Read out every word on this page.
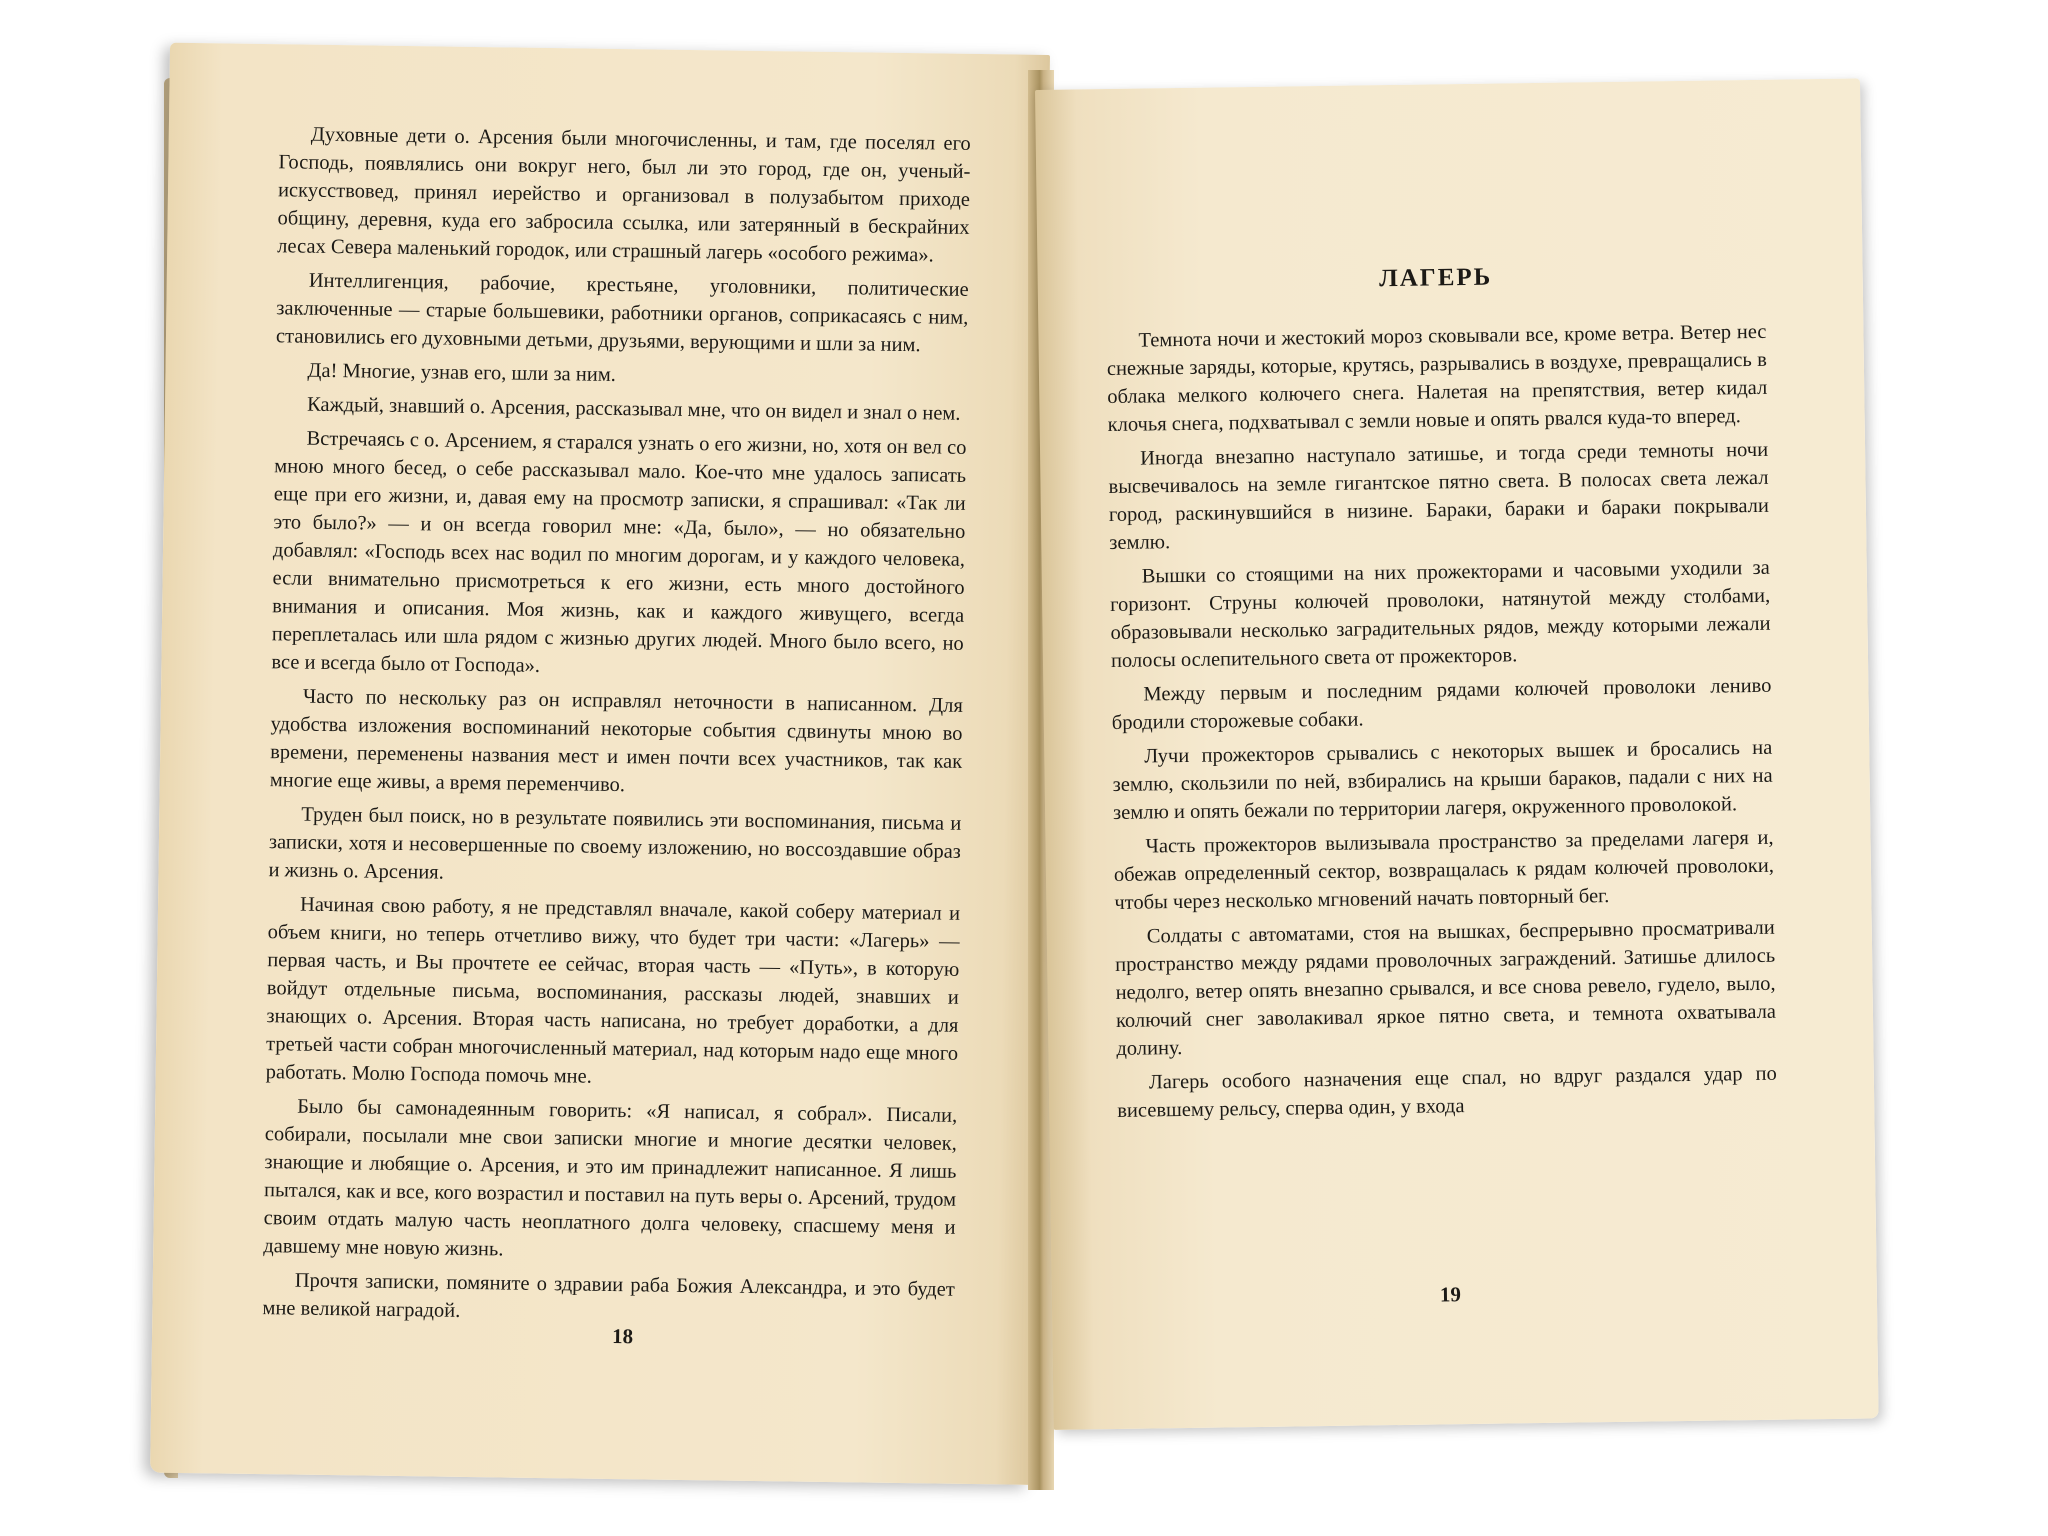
Духовные дети о. Арсения были многочисленны, и там, где поселял его Господь, появлялись они вокруг него, был ли это город, где он, ученый-искусствовед, принял иерейство и организовал в полузабытом приходе общину, деревня, куда его забросила ссылка, или затерянный в бескрайних лесах Севера маленький городок, или страшный лагерь «особого режима».

Интеллигенция, рабочие, крестьяне, уголовники, политические заключенные — старые большевики, работники органов, соприкасаясь с ним, становились его духовными детьми, друзьями, верующими и шли за ним.

Да! Многие, узнав его, шли за ним.

Каждый, знавший о. Арсения, рассказывал мне, что он видел и знал о нем.

Встречаясь с о. Арсением, я старался узнать о его жизни, но, хотя он вел со мною много бесед, о себе рассказывал мало. Кое-что мне удалось записать еще при его жизни, и, давая ему на просмотр записки, я спрашивал: «Так ли это было?» — и он всегда говорил мне: «Да, было», — но обязательно добавлял: «Господь всех нас водил по многим дорогам, и у каждого человека, если внимательно присмотреться к его жизни, есть много достойного внимания и описания. Моя жизнь, как и каждого живущего, всегда переплеталась или шла рядом с жизнью других людей. Много было всего, но все и всегда было от Господа».

Часто по нескольку раз он исправлял неточности в написанном. Для удобства изложения воспоминаний некоторые события сдвинуты мною во времени, переменены названия мест и имен почти всех участников, так как многие еще живы, а время переменчиво.

Труден был поиск, но в результате появились эти воспоминания, письма и записки, хотя и несовершенные по своему изложению, но воссоздавшие образ и жизнь о. Арсения.

Начиная свою работу, я не представлял вначале, какой соберу материал и объем книги, но теперь отчетливо вижу, что будет три части: «Лагерь» — первая часть, и Вы прочтете ее сейчас, вторая часть — «Путь», в которую войдут отдельные письма, воспоминания, рассказы людей, знавших и знающих о. Арсения. Вторая часть написана, но требует доработки, а для третьей части собран многочисленный материал, над которым надо еще много работать. Молю Господа помочь мне.

Было бы самонадеянным говорить: «Я написал, я собрал». Писали, собирали, посылали мне свои записки многие и многие десятки человек, знающие и любящие о. Арсения, и это им принадлежит написанное. Я лишь пытался, как и все, кого возрастил и поставил на путь веры о. Арсений, трудом своим отдать малую часть неоплатного долга человеку, спасшему меня и давшему мне новую жизнь.

Прочтя записки, помяните о здравии раба Божия Александра, и это будет мне великой наградой.

18
ЛАГЕРЬ

Темнота ночи и жестокий мороз сковывали все, кроме ветра. Ветер нес снежные заряды, которые, крутясь, разрывались в воздухе, превращались в облака мелкого колючего снега. Налетая на препятствия, ветер кидал клочья снега, подхватывал с земли новые и опять рвался куда-то вперед.

Иногда внезапно наступало затишье, и тогда среди темноты ночи высвечивалось на земле гигантское пятно света. В полосах света лежал город, раскинувшийся в низине. Бараки, бараки и бараки покрывали землю.

Вышки со стоящими на них прожекторами и часовыми уходили за горизонт. Струны колючей проволоки, натянутой между столбами, образовывали несколько заградительных рядов, между которыми лежали полосы ослепительного света от прожекторов.

Между первым и последним рядами колючей проволоки лениво бродили сторожевые собаки.

Лучи прожекторов срывались с некоторых вышек и бросались на землю, скользили по ней, взбирались на крыши бараков, падали с них на землю и опять бежали по территории лагеря, окруженного проволокой.

Часть прожекторов вылизывала пространство за пределами лагеря и, обежав определенный сектор, возвращалась к рядам колючей проволоки, чтобы через несколько мгновений начать повторный бег.

Солдаты с автоматами, стоя на вышках, беспрерывно просматривали пространство между рядами проволочных заграждений. Затишье длилось недолго, ветер опять внезапно срывался, и все снова ревело, гудело, выло, колючий снег заволакивал яркое пятно света, и темнота охватывала долину.

Лагерь особого назначения еще спал, но вдруг раздался удар по висевшему рельсу, сперва один, у входа

19
